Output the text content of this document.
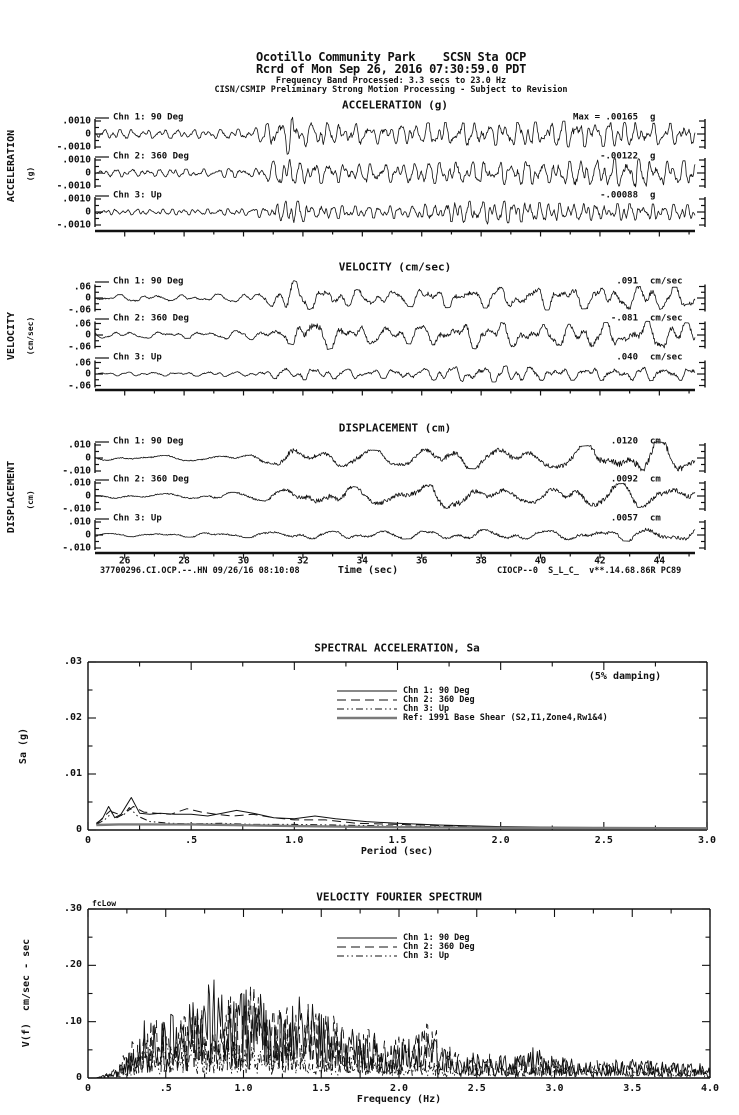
Ocotillo Community Park    SCSN Sta OCP
Rcrd of Mon Sep 26, 2016 07:30:59.0 PDT
Frequency Band Processed: 3.3 secs to 23.0 Hz
CISN/CSMIP Preliminary Strong Motion Processing - Subject to Revision
ACCELERATION (g)
VELOCITY (cm/sec)
DISPLACEMENT (cm)
ACCELERATION (g)
VELOCITY (cm/sec)
DISPLACEMENT (cm)
Time (sec)
37700296.CI.OCP.--.HN 09/26/16 08:10:08	CIOCP--0  S_L_C_  v**.14.68.86R PC89
SPECTRAL ACCELERATION, Sa
(5% damping)
Period (sec)
Sa (g)
VELOCITY FOURIER SPECTRUM
fcLow
Frequency (Hz)
V(f)  cm/sec - sec
Chn 1: 90 Deg
.0010
0
-.0010
Max = .00165 g
Chn 2: 360 Deg
.0010
0
-.0010
-.00122 g
Chn 3: Up
.0010
0
-.0010
-.00088 g
Chn 1: 90 Deg
.06
0
-.06
.091 cm/sec
Chn 2: 360 Deg
.06
0
-.06
-.081 cm/sec
Chn 3: Up
.06
0
-.06
.040 cm/sec
Chn 1: 90 Deg
.010
0
-.010
.0120 cm
Chn 2: 360 Deg
.010
0
-.010
.0092 cm
Chn 3: Up
.010
0
-.010
.0057 cm
26	28	30	32	34	36	38	40	42	44
0	.5	1.0	1.5	2.0	2.5	3.0
.03
.02
.01
0
Chn 1: 90 Deg
Chn 2: 360 Deg
Chn 3: Up
Ref: 1991 Base Shear (S2,I1,Zone4,Rw1&4)
0	.5	1.0	1.5	2.0	2.5	3.0	3.5	4.0
.30
.20
.10
0
Chn 1: 90 Deg
Chn 2: 360 Deg
Chn 3: Up
